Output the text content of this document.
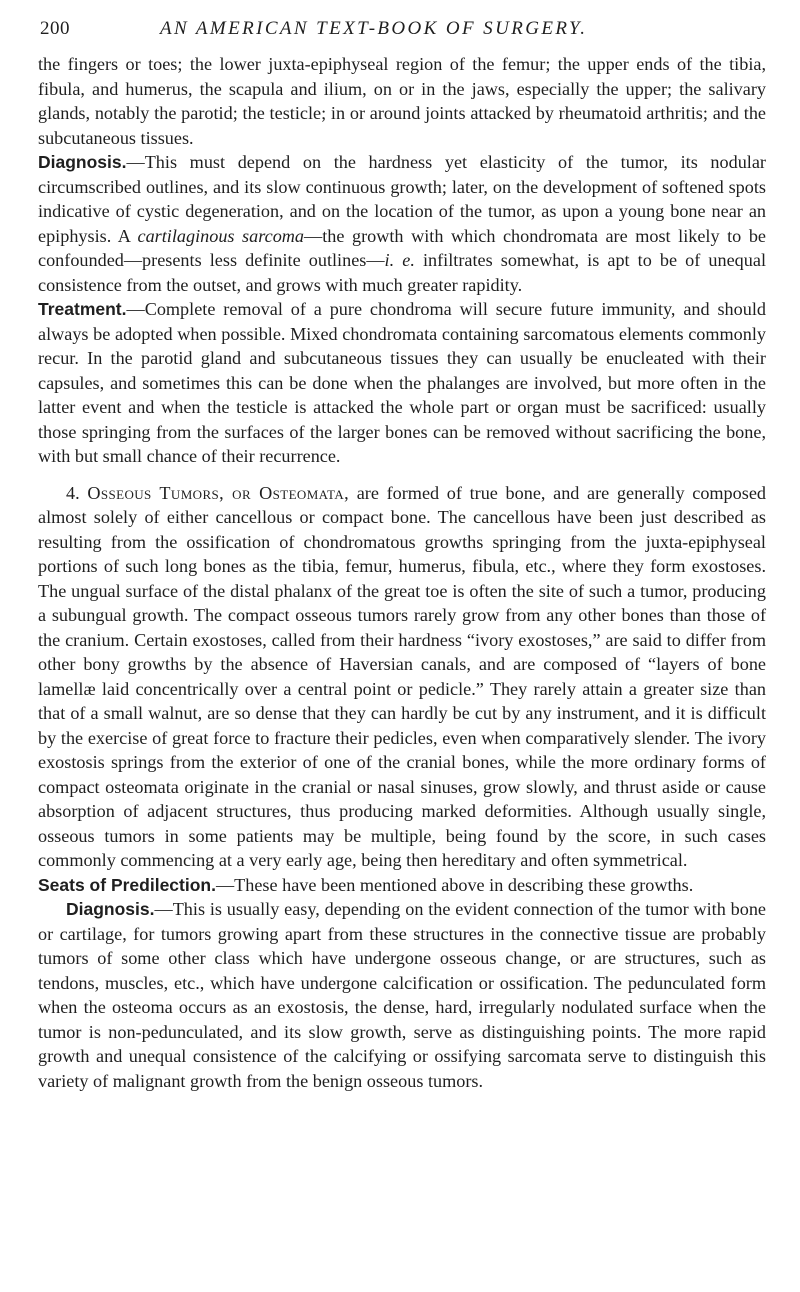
200	AN AMERICAN TEXT-BOOK OF SURGERY.

the fingers or toes; the lower juxta-epiphyseal region of the femur; the upper ends of the tibia, fibula, and humerus, the scapula and ilium, on or in the jaws, especially the upper; the salivary glands, notably the parotid; the testicle; in or around joints attacked by rheumatoid arthritis; and the subcutaneous tissues.

Diagnosis.—This must depend on the hardness yet elasticity of the tumor, its nodular circumscribed outlines, and its slow continuous growth; later, on the development of softened spots indicative of cystic degeneration, and on the location of the tumor, as upon a young bone near an epiphysis. A cartilaginous sarcoma—the growth with which chondromata are most likely to be confounded—presents less definite outlines—i. e. infiltrates somewhat, is apt to be of unequal consistence from the outset, and grows with much greater rapidity.

Treatment.—Complete removal of a pure chondroma will secure future immunity, and should always be adopted when possible. Mixed chondromata containing sarcomatous elements commonly recur. In the parotid gland and subcutaneous tissues they can usually be enucleated with their capsules, and sometimes this can be done when the phalanges are involved, but more often in the latter event and when the testicle is attacked the whole part or organ must be sacrificed: usually those springing from the surfaces of the larger bones can be removed without sacrificing the bone, with but small chance of their recurrence.

4. Osseous Tumors, or Osteomata, are formed of true bone, and are generally composed almost solely of either cancellous or compact bone. The cancellous have been just described as resulting from the ossification of chondromatous growths springing from the juxta-epiphyseal portions of such long bones as the tibia, femur, humerus, fibula, etc., where they form exostoses. The ungual surface of the distal phalanx of the great toe is often the site of such a tumor, producing a subungual growth. The compact osseous tumors rarely grow from any other bones than those of the cranium. Certain exostoses, called from their hardness “ivory exostoses,” are said to differ from other bony growths by the absence of Haversian canals, and are composed of “layers of bone lamellæ laid concentrically over a central point or pedicle.” They rarely attain a greater size than that of a small walnut, are so dense that they can hardly be cut by any instrument, and it is difficult by the exercise of great force to fracture their pedicles, even when comparatively slender. The ivory exostosis springs from the exterior of one of the cranial bones, while the more ordinary forms of compact osteomata originate in the cranial or nasal sinuses, grow slowly, and thrust aside or cause absorption of adjacent structures, thus producing marked deformities. Although usually single, osseous tumors in some patients may be multiple, being found by the score, in such cases commonly commencing at a very early age, being then hereditary and often symmetrical.

Seats of Predilection.—These have been mentioned above in describing these growths.

Diagnosis.—This is usually easy, depending on the evident connection of the tumor with bone or cartilage, for tumors growing apart from these structures in the connective tissue are probably tumors of some other class which have undergone osseous change, or are structures, such as tendons, muscles, etc., which have undergone calcification or ossification. The pedunculated form when the osteoma occurs as an exostosis, the dense, hard, irregularly nodulated surface when the tumor is non-pedunculated, and its slow growth, serve as distinguishing points. The more rapid growth and unequal consistence of the calcifying or ossifying sarcomata serve to distinguish this variety of malignant growth from the benign osseous tumors.
